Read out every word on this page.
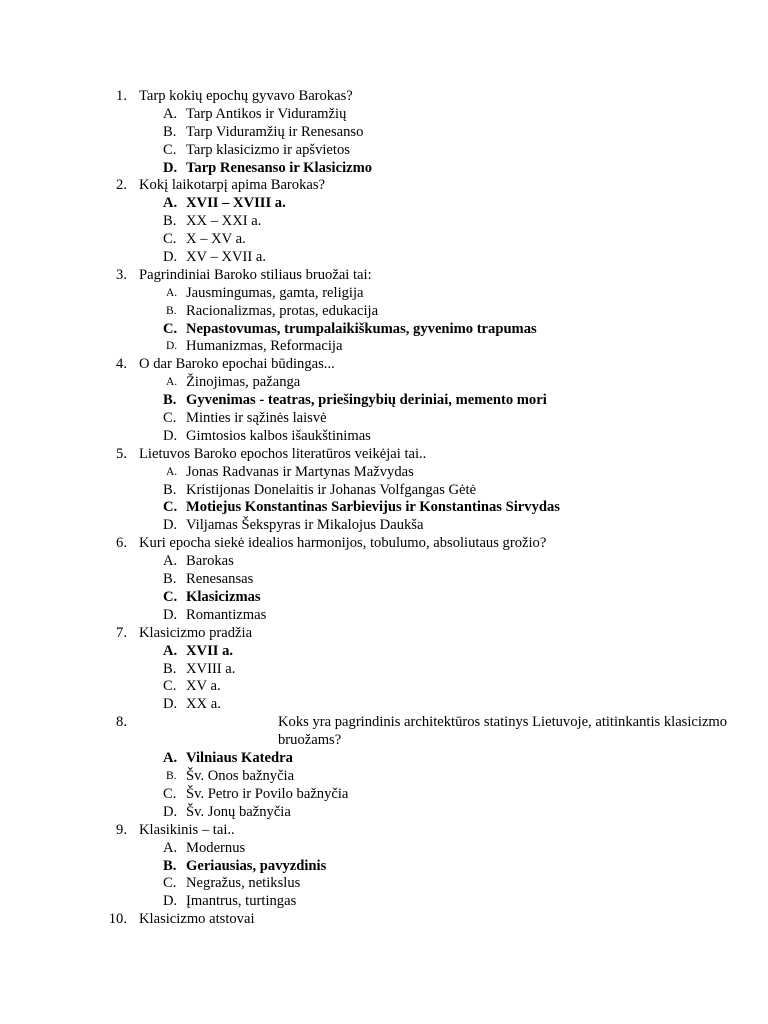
1. Tarp kokių epochų gyvavo Barokas?
A. Tarp Antikos ir Viduramžių
B. Tarp Viduramžių ir Renesanso
C. Tarp klasicizmo ir apšvietos
D. Tarp Renesanso ir Klasicizmo
2. Kokį laikotarpį apima Barokas?
A. XVII – XVIII a.
B. XX – XXI a.
C. X – XV a.
D. XV – XVII a.
3. Pagrindiniai Baroko stiliaus bruožai tai:
A. Jausmingumas, gamta, religija
B. Racionalizmas, protas, edukacija
C. Nepastovumas, trumpalaikiškumas, gyvenimo trapumas
D. Humanizmas, Reformacija
4. O dar Baroko epochai būdingas...
A. Žinojimas, pažanga
B. Gyvenimas - teatras, priešingybių deriniai, memento mori
C. Minties ir sąžinės laisvė
D. Gimtosios kalbos išaukštinimas
5. Lietuvos Baroko epochos literatūros veikėjai tai..
A. Jonas Radvanas ir Martynas Mažvydas
B. Kristijonas Donelaitis ir Johanas Volfgangas Gėtė
C. Motiejus Konstantinas Sarbievijus ir Konstantinas Sirvydas
D. Viljamas Šekspyras ir Mikalojus Daukša
6. Kuri epocha siekė idealios harmonijos, tobulumo, absoliutaus grožio?
A. Barokas
B. Renesansas
C. Klasicizmas
D. Romantizmas
7. Klasicizmo pradžia
A. XVII a.
B. XVIII a.
C. XV a.
D. XX a.
8.	Koks yra pagrindinis architektūros statinys Lietuvoje, atitinkantis klasicizmo bruožams?
A. Vilniaus Katedra
B. Šv. Onos bažnyčia
C. Šv. Petro ir Povilo bažnyčia
D. Šv. Jonų bažnyčia
9. Klasikinis – tai..
A. Modernus
B. Geriausias, pavyzdinis
C. Negražus, netikslus
D. Įmantrus, turtingas
10. Klasicizmo atstovai
